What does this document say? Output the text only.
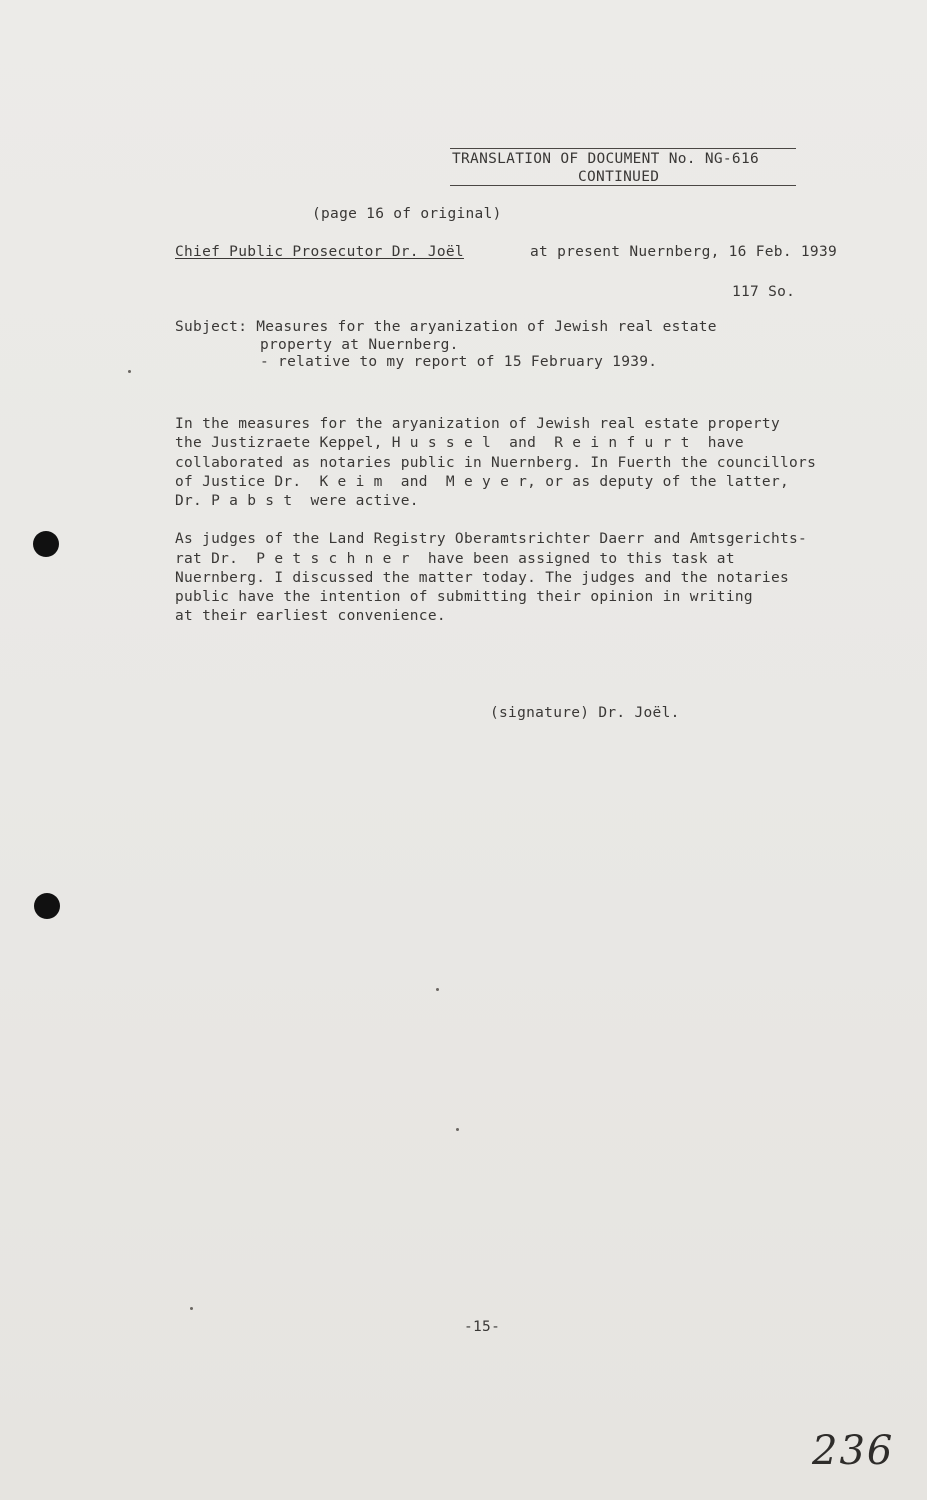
TRANSLATION OF DOCUMENT No. NG-616
CONTINUED
(page 16 of original)
Chief Public Prosecutor Dr. Joël	at present Nuernberg, 16 Feb. 1939
117 So.
Subject: Measures for the aryanization of Jewish real estate
property at Nuernberg.
- relative to my report of 15 February 1939.
In the measures for the aryanization of Jewish real estate property
the Justizraete Keppel, H u s s e l  and  R e i n f u r t  have
collaborated as notaries public in Nuernberg. In Fuerth the councillors
of Justice Dr.  K e i m  and  M e y e r, or as deputy of the latter,
Dr. P a b s t  were active.
As judges of the Land Registry Oberamtsrichter Daerr and Amtsgerichts-
rat Dr.  P e t s c h n e r  have been assigned to this task at
Nuernberg. I discussed the matter today. The judges and the notaries
public have the intention of submitting their opinion in writing
at their earliest convenience.
(signature) Dr. Joël.
-15-
236
